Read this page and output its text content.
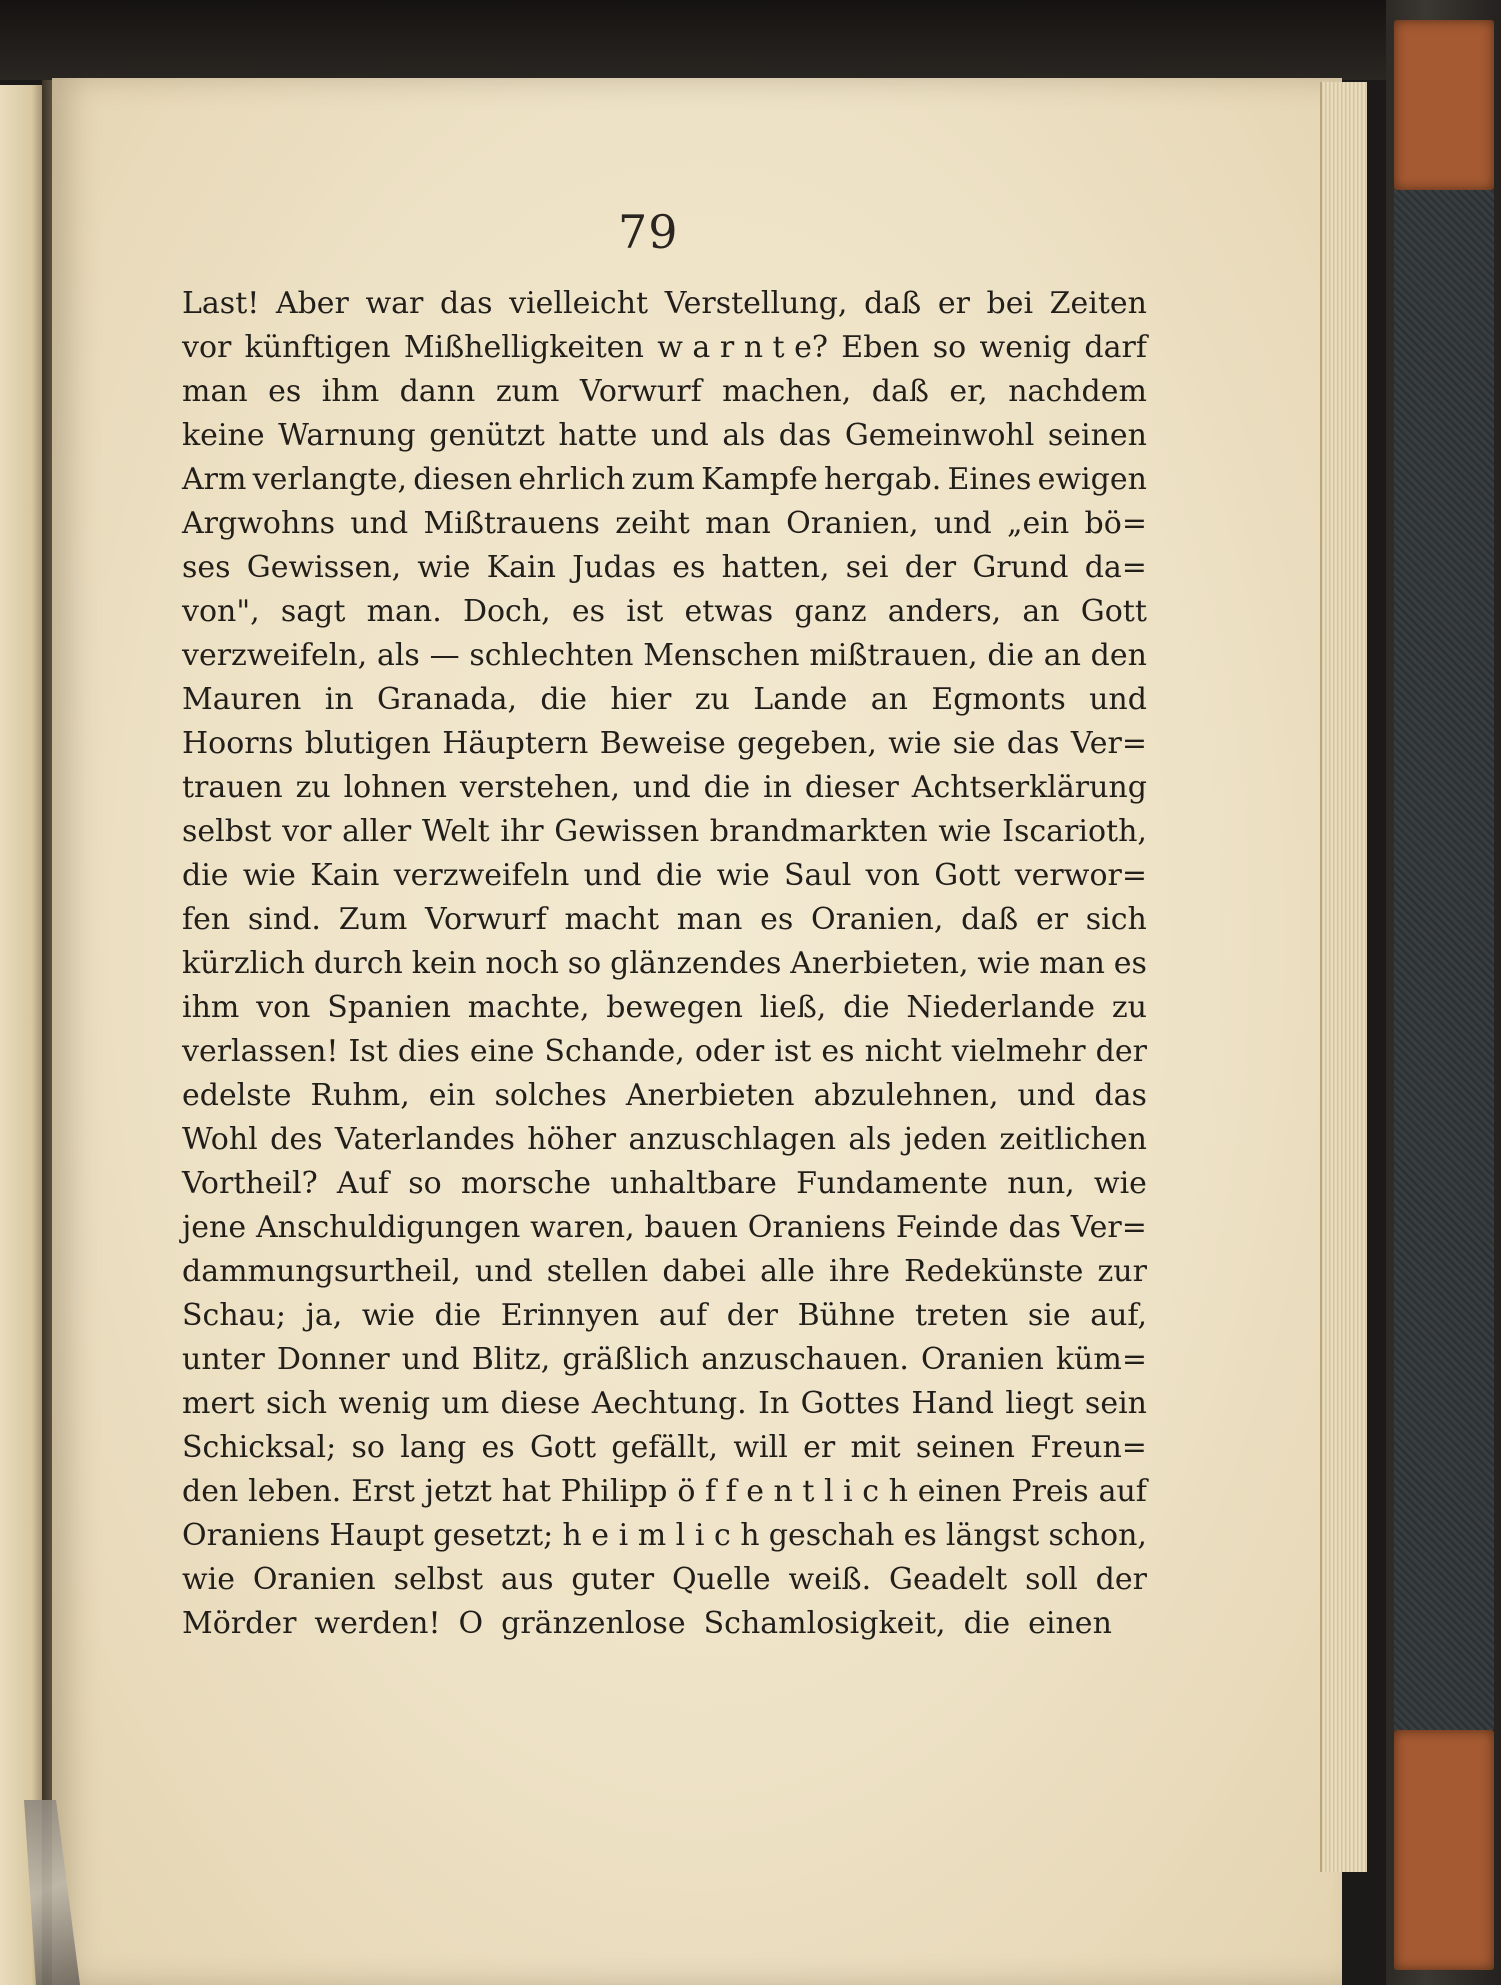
79
Last! Aber war das vielleicht Verstellung, daß er bei Zeiten
vor künftigen Mißhelligkeiten w a r n t e? Eben so wenig darf
man es ihm dann zum Vorwurf machen, daß er, nachdem
keine Warnung genützt hatte und als das Gemeinwohl seinen
Arm verlangte, diesen ehrlich zum Kampfe hergab. Eines ewigen
Argwohns und Mißtrauens zeiht man Oranien, und „ein bö=
ses Gewissen, wie Kain Judas es hatten, sei der Grund da=
von", sagt man. Doch, es ist etwas ganz anders, an Gott
verzweifeln, als — schlechten Menschen mißtrauen, die an den
Mauren in Granada, die hier zu Lande an Egmonts und
Hoorns blutigen Häuptern Beweise gegeben, wie sie das Ver=
trauen zu lohnen verstehen, und die in dieser Achtserklärung
selbst vor aller Welt ihr Gewissen brandmarkten wie Iscarioth,
die wie Kain verzweifeln und die wie Saul von Gott verwor=
fen sind. Zum Vorwurf macht man es Oranien, daß er sich
kürzlich durch kein noch so glänzendes Anerbieten, wie man es
ihm von Spanien machte, bewegen ließ, die Niederlande zu
verlassen! Ist dies eine Schande, oder ist es nicht vielmehr der
edelste Ruhm, ein solches Anerbieten abzulehnen, und das
Wohl des Vaterlandes höher anzuschlagen als jeden zeitlichen
Vortheil? Auf so morsche unhaltbare Fundamente nun, wie
jene Anschuldigungen waren, bauen Oraniens Feinde das Ver=
dammungsurtheil, und stellen dabei alle ihre Redekünste zur
Schau; ja, wie die Erinnyen auf der Bühne treten sie auf,
unter Donner und Blitz, gräßlich anzuschauen. Oranien küm=
mert sich wenig um diese Aechtung. In Gottes Hand liegt sein
Schicksal; so lang es Gott gefällt, will er mit seinen Freun=
den leben. Erst jetzt hat Philipp ö f f e n t l i c h einen Preis auf
Oraniens Haupt gesetzt; h e i m l i c h geschah es längst schon,
wie Oranien selbst aus guter Quelle weiß. Geadelt soll der
Mörder werden! O gränzenlose Schamlosigkeit, die einen
